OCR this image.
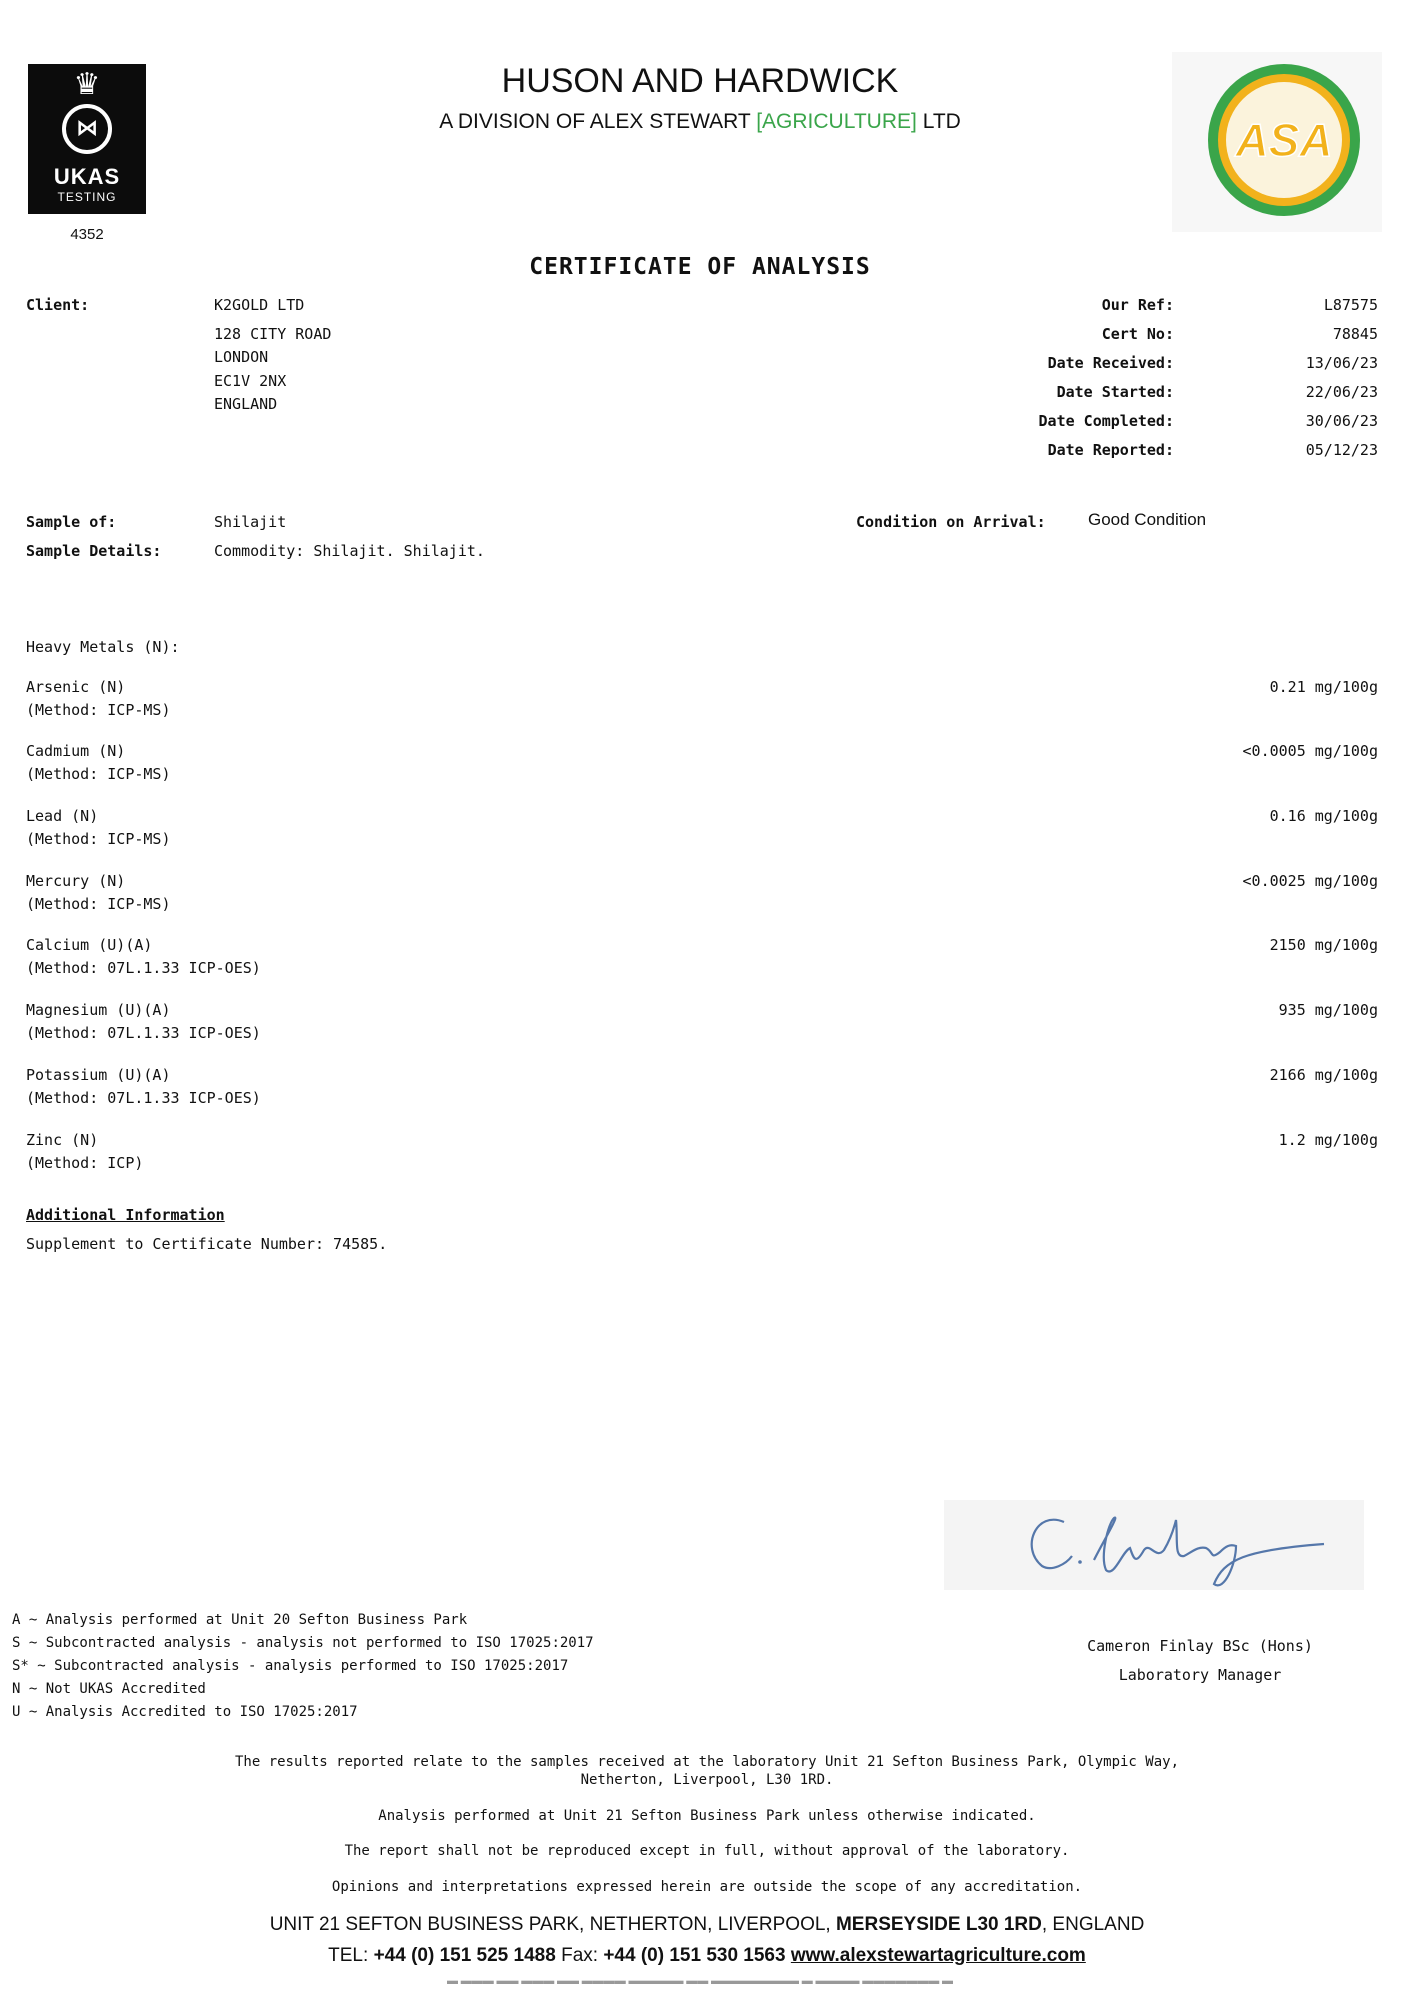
♛
⋈
UKAS
TESTING
4352
HUSON AND HARDWICK
A DIVISION OF ALEX STEWART [AGRICULTURE] LTD	ASA
CERTIFICATE OF ANALYSIS
Client:	K2GOLD LTD
128 CITY ROAD
LONDON
EC1V 2NX
ENGLAND
Our Ref:	L87575
Cert No:	78845
Date Received:	13/06/23
Date Started:	22/06/23
Date Completed:	30/06/23
Date Reported:	05/12/23
Sample of:	Shilajit
Sample Details:	Commodity: Shilajit. Shilajit.
Condition on Arrival: Good Condition
Heavy Metals (N):
Arsenic (N)
(Method: ICP-MS)
0.21 mg/100g
Cadmium (N)
(Method: ICP-MS)
<0.0005 mg/100g
Lead (N)
(Method: ICP-MS)
0.16 mg/100g
Mercury (N)
(Method: ICP-MS)
<0.0025 mg/100g
Calcium (U)(A)
(Method: 07L.1.33 ICP-OES)
2150 mg/100g
Magnesium (U)(A)
(Method: 07L.1.33 ICP-OES)
935 mg/100g
Potassium (U)(A)
(Method: 07L.1.33 ICP-OES)
2166 mg/100g
Zinc (N)
(Method: ICP)
1.2 mg/100g
Additional Information
Supplement to Certificate Number: 74585.
Cameron Finlay BSc (Hons)
Laboratory Manager
A ~ Analysis performed at Unit 20 Sefton Business Park
S ~ Subcontracted analysis - analysis not performed to ISO 17025:2017
S* ~ Subcontracted analysis - analysis performed to ISO 17025:2017
N ~ Not UKAS Accredited
U ~ Analysis Accredited to ISO 17025:2017
The results reported relate to the samples received at the laboratory Unit 21 Sefton Business Park, Olympic Way,
Netherton, Liverpool, L30 1RD.
Analysis performed at Unit 21 Sefton Business Park unless otherwise indicated.
The report shall not be reproduced except in full, without approval of the laboratory.
Opinions and interpretations expressed herein are outside the scope of any accreditation.
UNIT 21 SEFTON BUSINESS PARK, NETHERTON, LIVERPOOL, MERSEYSIDE L30 1RD, ENGLAND
TEL: +44 (0) 151 525 1488 Fax: +44 (0) 151 530 1563 www.alexstewartagriculture.com
▬ ▬▬▬ ▬▬ ▬▬▬ ▬▬ ▬▬▬▬ ▬▬▬▬▬ ▬▬ ▬▬▬▬▬▬▬▬ ▬ ▬▬▬▬ ▬▬▬▬▬▬▬ ▬
